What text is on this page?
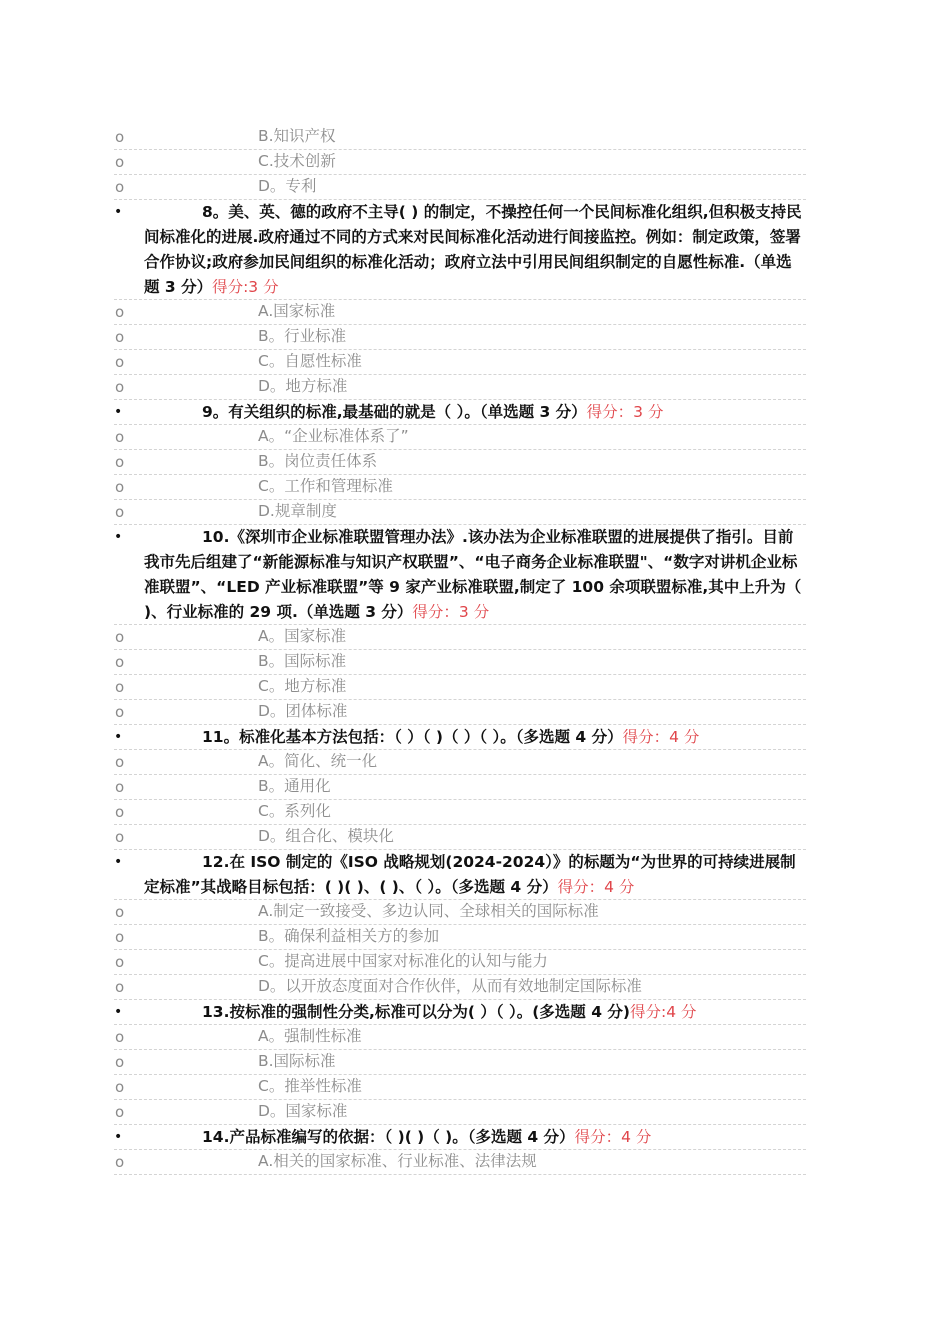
o	B.知识产权
o	C.技术创新
o	D。专利
•	8。美、英、德的政府不主导( ) 的制定，不操控任何一个民间标准化组织,但积极支持民间标准化的进展.政府通过不同的方式来对民间标准化活动进行间接监控。例如：制定政策，签署合作协议;政府参加民间组织的标准化活动；政府立法中引用民间组织制定的自愿性标准.（单选题 3 分）得分:3 分
o	A.国家标准
o	B。行业标准
o	C。自愿性标准
o	D。地方标准
•	9。有关组织的标准,最基础的就是（ ）。（单选题 3 分）得分：3 分
o	A。“企业标准体系了”
o	B。岗位责任体系
o	C。工作和管理标准
o	D.规章制度
•	10.《深圳市企业标准联盟管理办法》.该办法为企业标准联盟的进展提供了指引。目前我市先后组建了“新能源标准与知识产权联盟”、“电子商务企业标准联盟"、“数字对讲机企业标准联盟”、“LED 产业标准联盟”等 9 家产业标准联盟,制定了 100 余项联盟标准,其中上升为（ )、行业标准的 29 项.（单选题 3 分）得分：3 分
o	A。国家标准
o	B。国际标准
o	C。地方标准
o	D。团体标准
•	11。标准化基本方法包括：（ ）（ )（ ）（ ）。（多选题 4 分）得分：4 分
o	A。简化、统一化
o	B。通用化
o	C。系列化
o	D。组合化、模块化
•	12.在 ISO 制定的《ISO 战略规划(2024-2024）》的标题为“为世界的可持续进展制定标准”其战略目标包括：( )( )、( )、（ ）。（多选题 4 分）得分：4 分
o	A.制定一致接受、多边认同、全球相关的国际标准
o	B。确保利益相关方的参加
o	C。提高进展中国家对标准化的认知与能力
o	D。以开放态度面对合作伙伴，从而有效地制定国际标准
•	13.按标准的强制性分类,标准可以分为( ）（ ）。(多选题 4 分)得分:4 分
o	A。强制性标准
o	B.国际标准
o	C。推举性标准
o	D。国家标准
•	14.产品标准编写的依据：（ )( )（ )。（多选题 4 分）得分：4 分
o	A.相关的国家标准、行业标准、法律法规
